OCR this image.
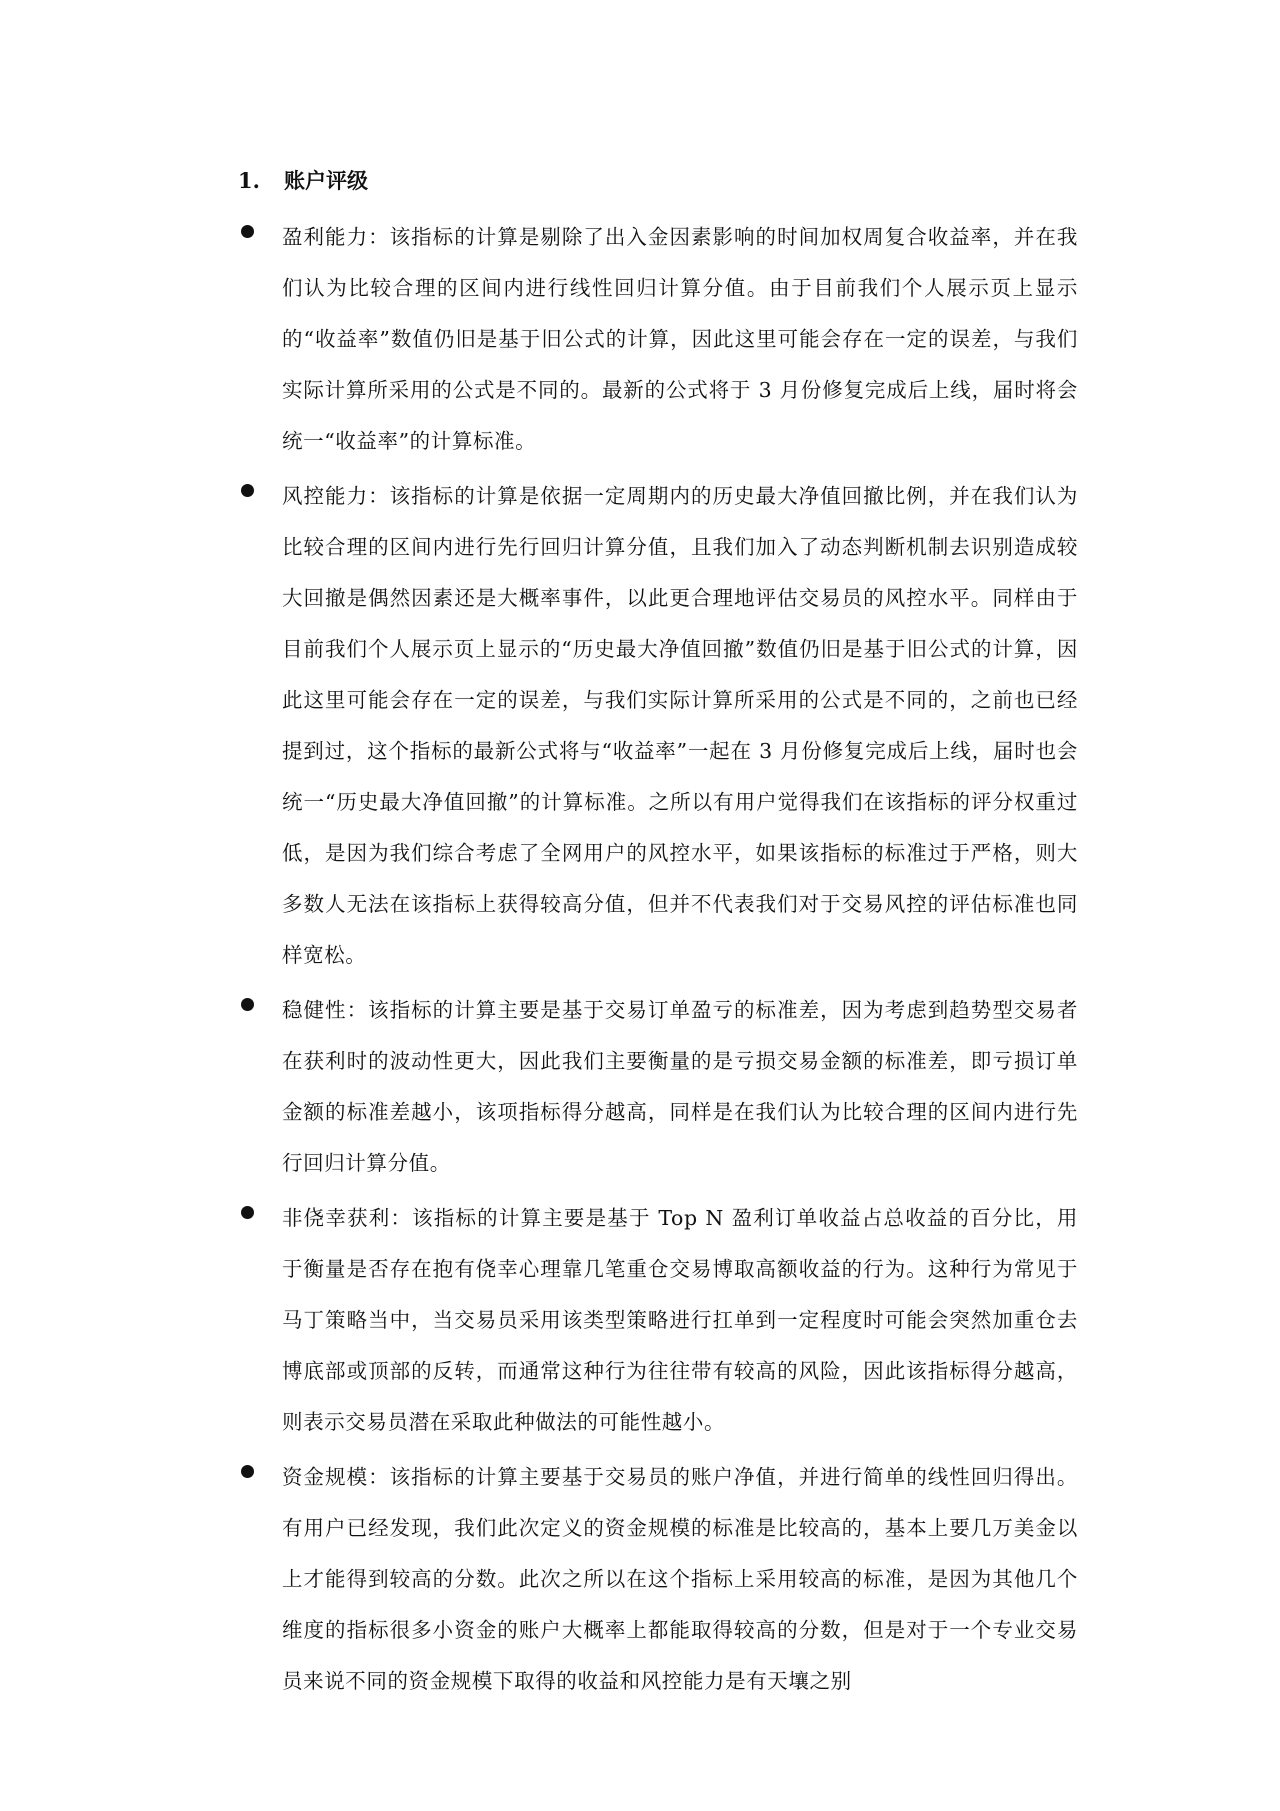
1.	账户评级

盈利能力：该指标的计算是剔除了出入金因素影响的时间加权周复合收益率，并在我们认为比较合理的区间内进行线性回归计算分值。由于目前我们个人展示页上显示的“收益率”数值仍旧是基于旧公式的计算，因此这里可能会存在一定的误差，与我们实际计算所采用的公式是不同的。最新的公式将于 3 月份修复完成后上线，届时将会统一“收益率”的计算标准。

风控能力：该指标的计算是依据一定周期内的历史最大净值回撤比例，并在我们认为比较合理的区间内进行先行回归计算分值，且我们加入了动态判断机制去识别造成较大回撤是偶然因素还是大概率事件，以此更合理地评估交易员的风控水平。同样由于目前我们个人展示页上显示的“历史最大净值回撤”数值仍旧是基于旧公式的计算，因此这里可能会存在一定的误差，与我们实际计算所采用的公式是不同的，之前也已经提到过，这个指标的最新公式将与“收益率”一起在 3 月份修复完成后上线，届时也会统一“历史最大净值回撤”的计算标准。之所以有用户觉得我们在该指标的评分权重过低，是因为我们综合考虑了全网用户的风控水平，如果该指标的标准过于严格，则大多数人无法在该指标上获得较高分值，但并不代表我们对于交易风控的评估标准也同样宽松。

稳健性：该指标的计算主要是基于交易订单盈亏的标准差，因为考虑到趋势型交易者在获利时的波动性更大，因此我们主要衡量的是亏损交易金额的标准差，即亏损订单金额的标准差越小，该项指标得分越高，同样是在我们认为比较合理的区间内进行先行回归计算分值。

非侥幸获利：该指标的计算主要是基于 Top N 盈利订单收益占总收益的百分比，用于衡量是否存在抱有侥幸心理靠几笔重仓交易博取高额收益的行为。这种行为常见于马丁策略当中，当交易员采用该类型策略进行扛单到一定程度时可能会突然加重仓去博底部或顶部的反转，而通常这种行为往往带有较高的风险，因此该指标得分越高，则表示交易员潜在采取此种做法的可能性越小。

资金规模：该指标的计算主要基于交易员的账户净值，并进行简单的线性回归得出。有用户已经发现，我们此次定义的资金规模的标准是比较高的，基本上要几万美金以上才能得到较高的分数。此次之所以在这个指标上采用较高的标准，是因为其他几个维度的指标很多小资金的账户大概率上都能取得较高的分数，但是对于一个专业交易员来说不同的资金规模下取得的收益和风控能力是有天壤之别
